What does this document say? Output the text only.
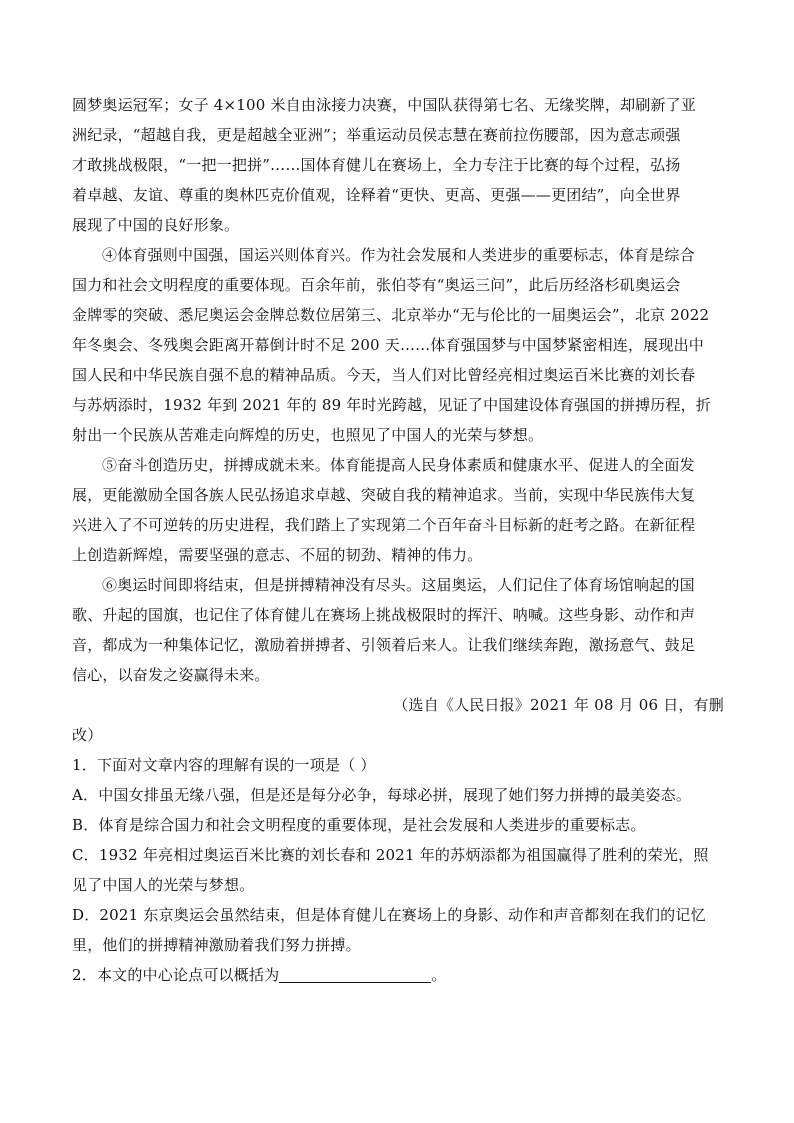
圆梦奥运冠军；女子 4×100 米自由泳接力决赛，中国队获得第七名、无缘奖牌，却刷新了亚
洲纪录，“超越自我，更是超越全亚洲”；举重运动员侯志慧在赛前拉伤腰部，因为意志顽强
才敢挑战极限，“一把一把拼”……国体育健儿在赛场上，全力专注于比赛的每个过程，弘扬
着卓越、友谊、尊重的奥林匹克价值观，诠释着“更快、更高、更强——更团结”，向全世界
展现了中国的良好形象。
④体育强则中国强，国运兴则体育兴。作为社会发展和人类进步的重要标志，体育是综合
国力和社会文明程度的重要体现。百余年前，张伯苓有“奥运三问”，此后历经洛杉矶奥运会
金牌零的突破、悉尼奥运会金牌总数位居第三、北京举办“无与伦比的一届奥运会”，北京 2022
年冬奥会、冬残奥会距离开幕倒计时不足 200 天……体育强国梦与中国梦紧密相连，展现出中
国人民和中华民族自强不息的精神品质。今天，当人们对比曾经亮相过奥运百米比赛的刘长春
与苏炳添时，1932 年到 2021 年的 89 年时光跨越，见证了中国建设体育强国的拼搏历程，折
射出一个民族从苦难走向辉煌的历史，也照见了中国人的光荣与梦想。
⑤奋斗创造历史，拼搏成就未来。体育能提高人民身体素质和健康水平、促进人的全面发
展，更能激励全国各族人民弘扬追求卓越、突破自我的精神追求。当前，实现中华民族伟大复
兴进入了不可逆转的历史进程，我们踏上了实现第二个百年奋斗目标新的赶考之路。在新征程
上创造新辉煌，需要坚强的意志、不屈的韧劲、精神的伟力。
⑥奥运时间即将结束，但是拼搏精神没有尽头。这届奥运，人们记住了体育场馆响起的国
歌、升起的国旗，也记住了体育健儿在赛场上挑战极限时的挥汗、呐喊。这些身影、动作和声
音，都成为一种集体记忆，激励着拼搏者、引领着后来人。让我们继续奔跑，激扬意气、鼓足
信心，以奋发之姿赢得未来。
（选自《人民日报》2021 年 08 月 06 日，有删
改）
1．下面对文章内容的理解有误的一项是（ ）
A．中国女排虽无缘八强，但是还是每分必争，每球必拼，展现了她们努力拼搏的最美姿态。
B．体育是综合国力和社会文明程度的重要体现，是社会发展和人类进步的重要标志。
C．1932 年亮相过奥运百米比赛的刘长春和 2021 年的苏炳添都为祖国赢得了胜利的荣光，照
见了中国人的光荣与梦想。
D．2021 东京奥运会虽然结束，但是体育健儿在赛场上的身影、动作和声音都刻在我们的记忆
里，他们的拼搏精神激励着我们努力拼搏。
2．本文的中心论点可以概括为	。
